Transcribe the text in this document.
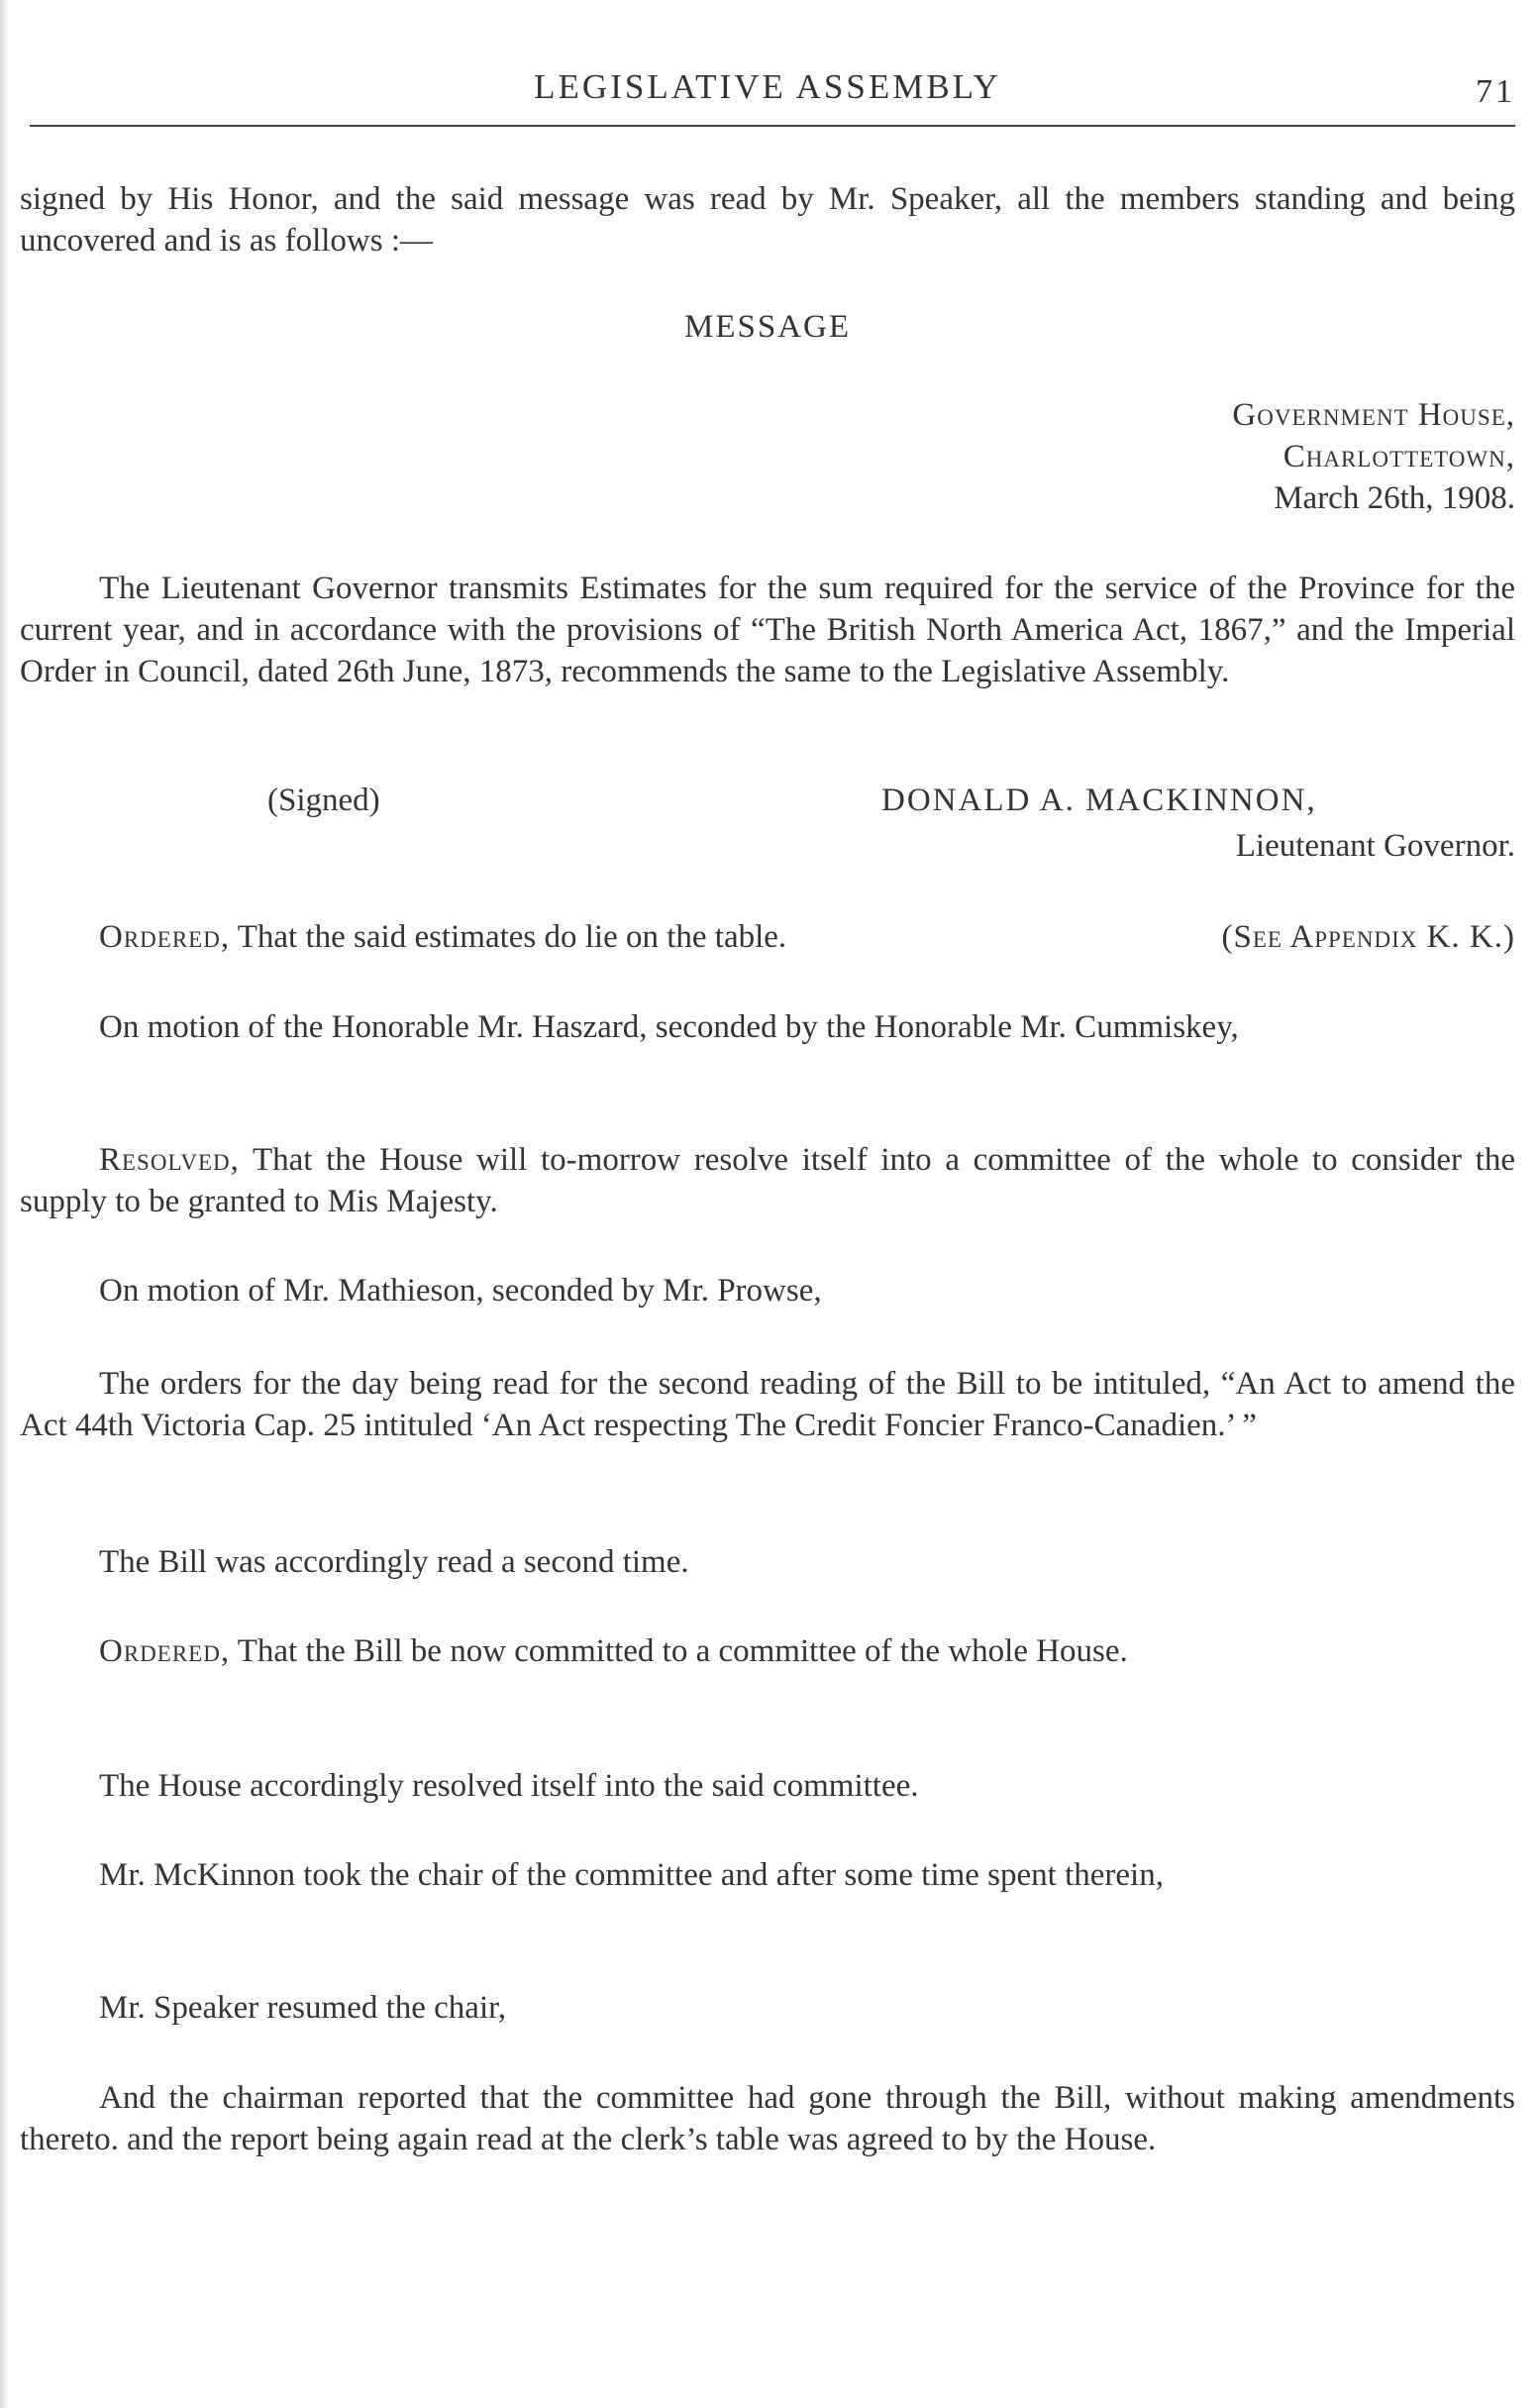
LEGISLATIVE ASSEMBLY	71

signed by His Honor, and the said message was read by Mr. Speaker, all the members standing and being uncovered and is as follows :—

MESSAGE
Government House,
Charlottetown,
March 26th, 1908.

The Lieutenant Governor transmits Estimates for the sum required for the service of the Province for the current year, and in accordance with the provisions of “The British North America Act, 1867,” and the Imperial Order in Council, dated 26th June, 1873, recommends the same to the Legislative Assembly.

(Signed)	DONALD A. MACKINNON,
Lieutenant Governor.
Ordered, That the said estimates do lie on the table.	(See Appendix K. K.)

On motion of the Honorable Mr. Haszard, seconded by the Honorable Mr. Cummiskey,

Resolved, That the House will to-morrow resolve itself into a committee of the whole to consider the supply to be granted to Mis Majesty.

On motion of Mr. Mathieson, seconded by Mr. Prowse,

The orders for the day being read for the second reading of the Bill to be intituled, “An Act to amend the Act 44th Victoria Cap. 25 intituled ‘An Act respecting The Credit Foncier Franco-Canadien.’ ”

The Bill was accordingly read a second time.

Ordered, That the Bill be now committed to a committee of the whole House.

The House accordingly resolved itself into the said committee.

Mr. McKinnon took the chair of the committee and after some time spent therein,

Mr. Speaker resumed the chair,

And the chairman reported that the committee had gone through the Bill, without making amendments thereto. and the report being again read at the clerk’s table was agreed to by the House.
